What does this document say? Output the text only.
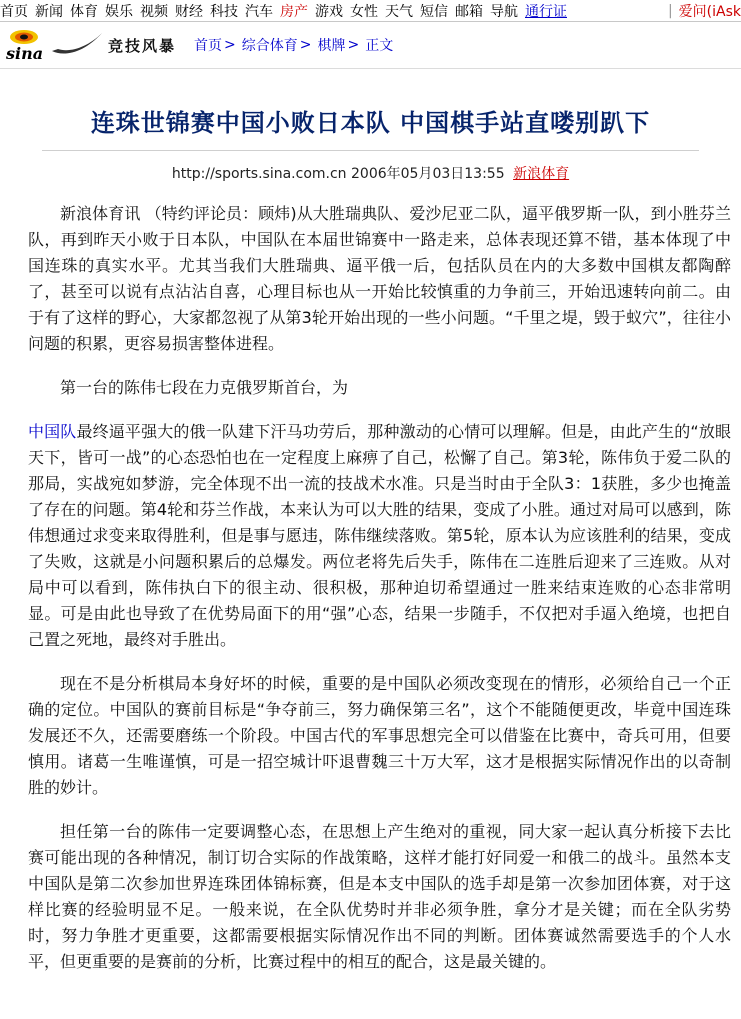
首页 新闻 体育 娱乐 视频 财经 科技 汽车 房产 游戏 女性 天气 短信 邮箱 导航 通行证	| 爱问(iAsk
sina	竞技风暴 首页 > 综合体育 > 棋牌 > 正文
连珠世锦赛中国小败日本队 中国棋手站直喽别趴下
http://sports.sina.com.cn 2006年05月03日13:55 新浪体育

新浪体育讯 （特约评论员：顾炜)从大胜瑞典队、爱沙尼亚二队，逼平俄罗斯一队，到小胜芬兰队，再到昨天小败于日本队，中国队在本届世锦赛中一路走来，总体表现还算不错，基本体现了中国连珠的真实水平。尤其当我们大胜瑞典、逼平俄一后，包括队员在内的大多数中国棋友都陶醉了，甚至可以说有点沾沾自喜，心理目标也从一开始比较慎重的力争前三，开始迅速转向前二。由于有了这样的野心，大家都忽视了从第3轮开始出现的一些小问题。“千里之堤，毁于蚁穴”，往往小问题的积累，更容易损害整体进程。

第一台的陈伟七段在力克俄罗斯首台，为

中国队最终逼平强大的俄一队建下汗马功劳后，那种激动的心情可以理解。但是，由此产生的“放眼天下，皆可一战”的心态恐怕也在一定程度上麻痹了自己，松懈了自己。第3轮，陈伟负于爱二队的那局，实战宛如梦游，完全体现不出一流的技战术水准。只是当时由于全队3：1获胜，多少也掩盖了存在的问题。第4轮和芬兰作战，本来认为可以大胜的结果，变成了小胜。通过对局可以感到，陈伟想通过求变来取得胜利，但是事与愿违，陈伟继续落败。第5轮，原本认为应该胜利的结果，变成了失败，这就是小问题积累后的总爆发。两位老将先后失手，陈伟在二连胜后迎来了三连败。从对局中可以看到，陈伟执白下的很主动、很积极，那种迫切希望通过一胜来结束连败的心态非常明显。可是由此也导致了在优势局面下的用“强”心态，结果一步随手，不仅把对手逼入绝境，也把自己置之死地，最终对手胜出。

现在不是分析棋局本身好坏的时候，重要的是中国队必须改变现在的情形，必须给自己一个正确的定位。中国队的赛前目标是“争夺前三，努力确保第三名”，这个不能随便更改，毕竟中国连珠发展还不久，还需要磨练一个阶段。中国古代的军事思想完全可以借鉴在比赛中，奇兵可用，但要慎用。诸葛一生唯谨慎，可是一招空城计吓退曹魏三十万大军，这才是根据实际情况作出的以奇制胜的妙计。

担任第一台的陈伟一定要调整心态，在思想上产生绝对的重视，同大家一起认真分析接下去比赛可能出现的各种情况，制订切合实际的作战策略，这样才能打好同爱一和俄二的战斗。虽然本支中国队是第二次参加世界连珠团体锦标赛，但是本支中国队的选手却是第一次参加团体赛，对于这样比赛的经验明显不足。一般来说，在全队优势时并非必须争胜，拿分才是关键；而在全队劣势时，努力争胜才更重要，这都需要根据实际情况作出不同的判断。团体赛诚然需要选手的个人水平，但更重要的是赛前的分析，比赛过程中的相互的配合，这是最关键的。
